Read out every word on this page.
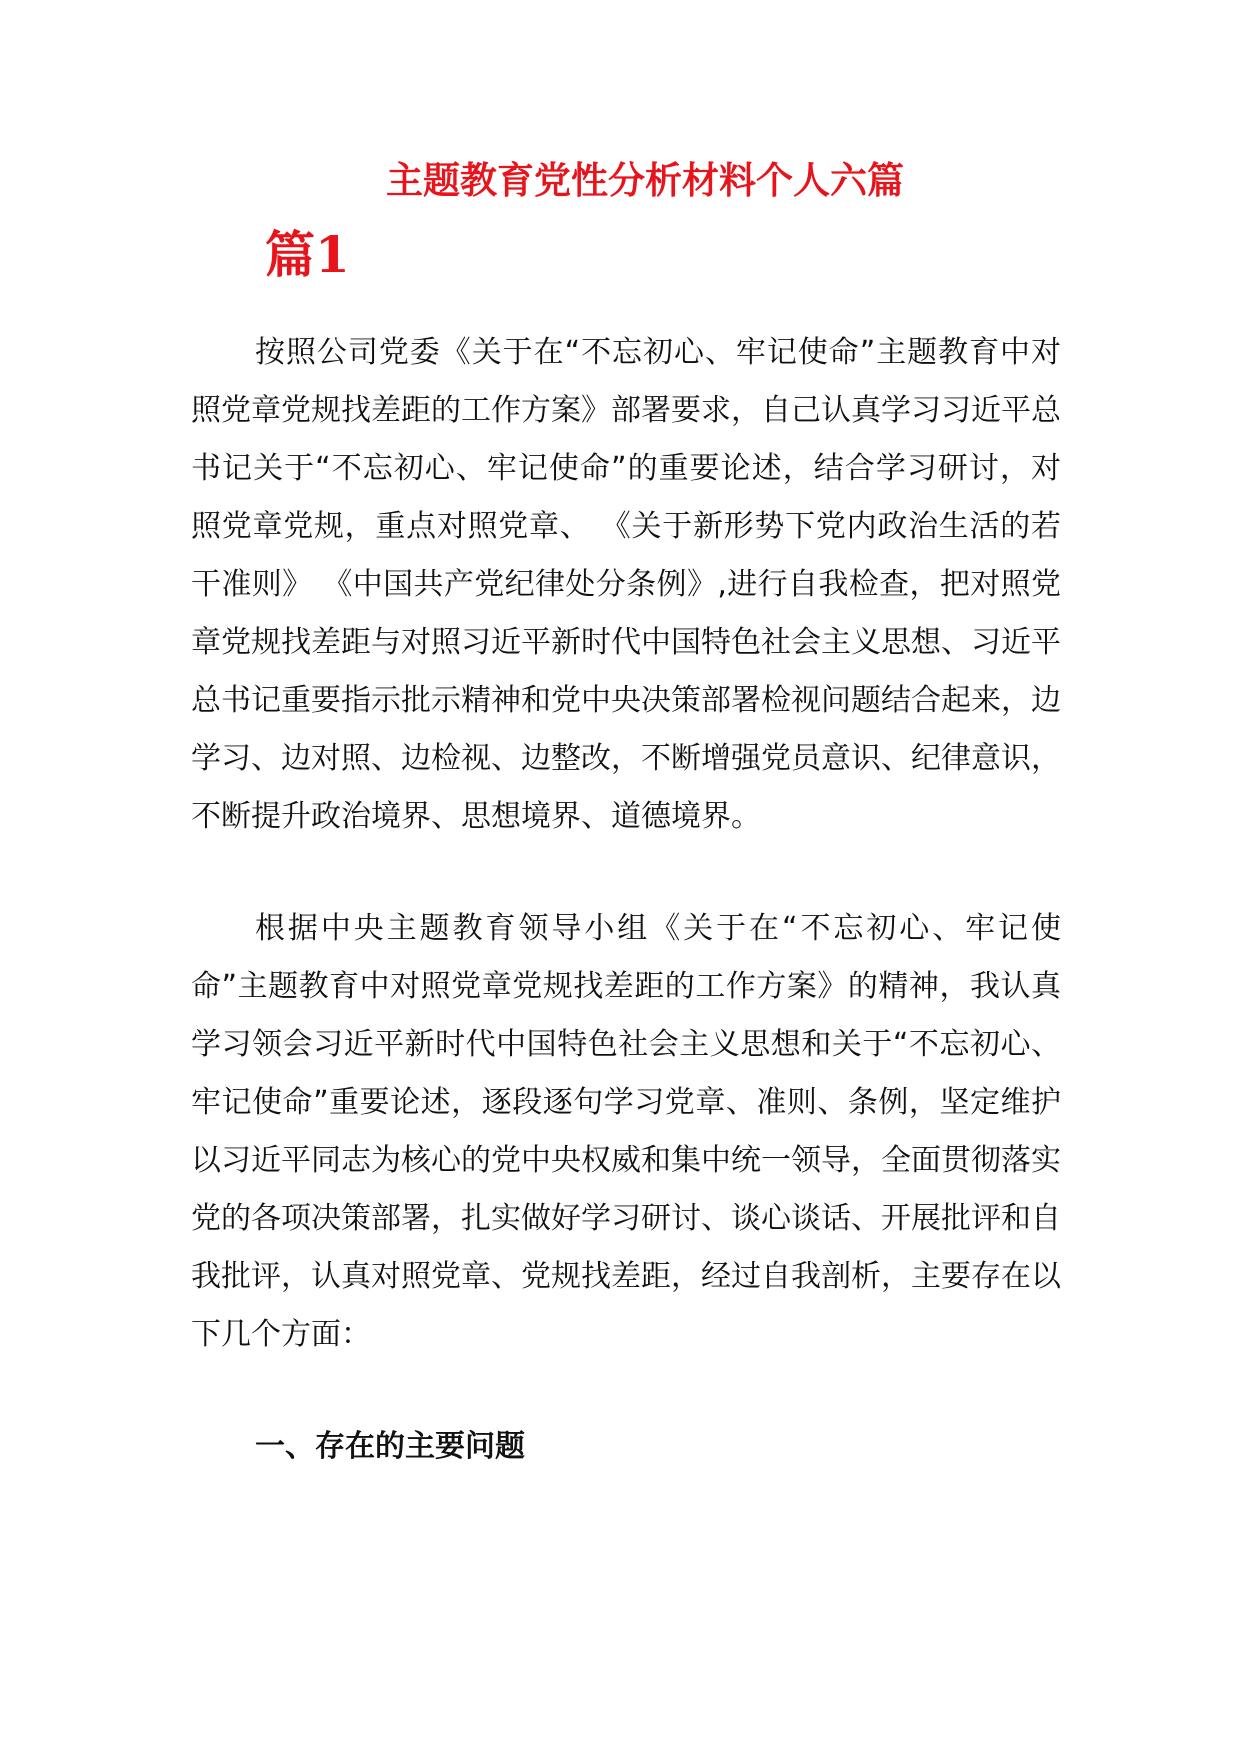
主题教育党性分析材料个人六篇
篇1

按照公司党委《关于在“不忘初心、牢记使命”主题教育中对照党章党规找差距的工作方案》部署要求，自己认真学习习近平总书记关于“不忘初心、牢记使命”的重要论述，结合学习研讨，对照党章党规，重点对照党章、 《关于新形势下党内政治生活的若干准则》 《中国共产党纪律处分条例》,进行自我检查，把对照党章党规找差距与对照习近平新时代中国特色社会主义思想、习近平总书记重要指示批示精神和党中央决策部署检视问题结合起来，边学习、边对照、边检视、边整改，不断增强党员意识、纪律意识，不断提升政治境界、思想境界、道德境界。

根据中央主题教育领导小组《关于在“不忘初心、牢记使命”主题教育中对照党章党规找差距的工作方案》的精神，我认真学习领会习近平新时代中国特色社会主义思想和关于“不忘初心、牢记使命”重要论述，逐段逐句学习党章、准则、条例，坚定维护以习近平同志为核心的党中央权威和集中统一领导，全面贯彻落实党的各项决策部署，扎实做好学习研讨、谈心谈话、开展批评和自我批评，认真对照党章、党规找差距，经过自我剖析，主要存在以下几个方面：

一、存在的主要问题
